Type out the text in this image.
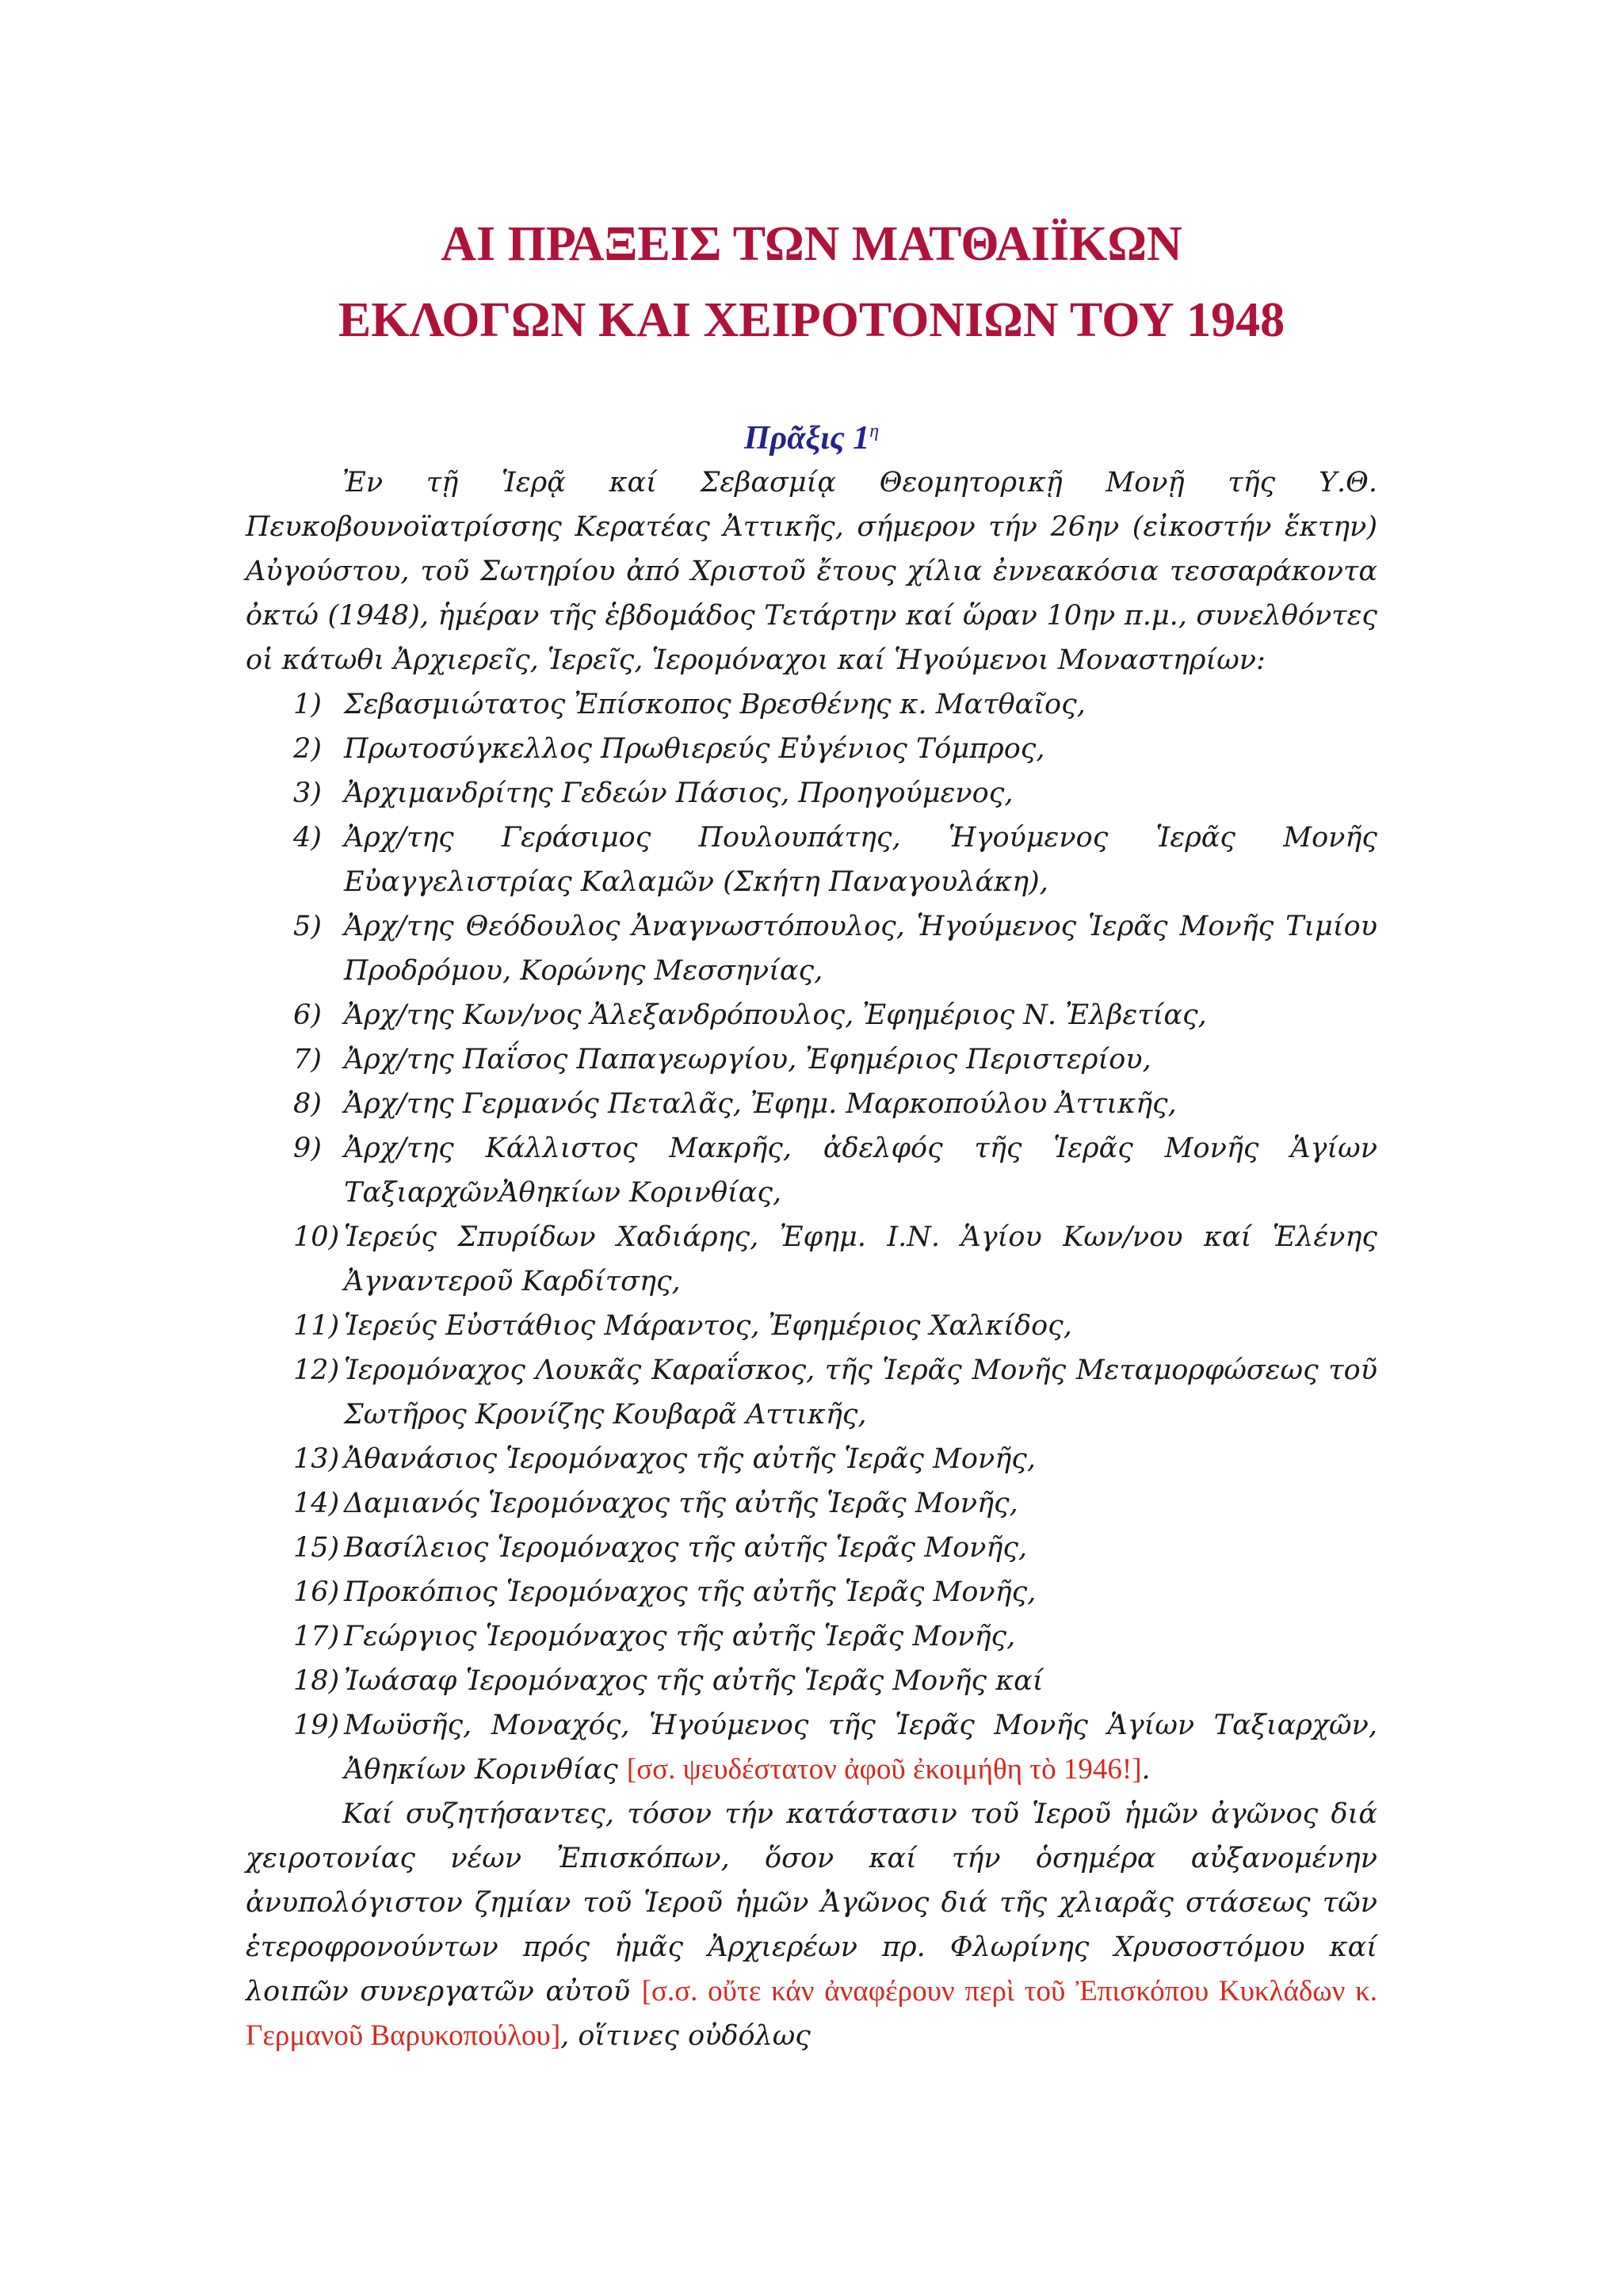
ΑΙ ΠΡΑΞΕΙΣ ΤΩΝ ΜΑΤΘΑΙΪΚΩΝ
ΕΚΛΟΓΩΝ ΚΑΙ ΧΕΙΡΟΤΟΝΙΩΝ ΤΟΥ 1948
Πρᾶξις $1^\eta$

Ἐν τῇ Ἱερᾷ καί Σεβασμίᾳ Θεομητορικῇ Μονῇ τῆς Υ.Θ. Πευκοβουνοϊατρίσσης Κερατέας Ἀττικῆς, σήμερον τήν 26ην (εἰκοστήν ἕκτην) Αὐγούστου, τοῦ Σωτηρίου ἀπό Χριστοῦ ἔτους χίλια ἐννεακόσια τεσσαράκοντα ὀκτώ (1948), ἡμέραν τῆς ἑβδομάδος Τετάρτην καί ὥραν 10ην π.μ., συνελθόντες οἱ κάτωθι Ἀρχιερεῖς, Ἱερεῖς, Ἱερομόναχοι καί Ἡγούμενοι Μοναστηρίων:

1) Σεβασμιώτατος Ἐπίσκοπος Βρεσθένης κ. Ματθαῖος,
2) Πρωτοσύγκελλος Πρωθιερεύς Εὐγένιος Τόμπρος,
3) Ἀρχιμανδρίτης Γεδεών Πάσιος, Προηγούμενος,
4) Ἀρχ/της Γεράσιμος Πουλουπάτης, Ἡγούμενος Ἱερᾶς Μονῆς Εὐαγγελιστρίας Καλαμῶν (Σκήτη Παναγουλάκη),
5) Ἀρχ/της Θεόδουλος Ἀναγνωστόπουλος, Ἡγούμενος Ἱερᾶς Μονῆς Τιμίου Προδρόμου, Κορώνης Μεσσηνίας,
6) Ἀρχ/της Κων/νος Ἀλεξανδρόπουλος, Ἐφημέριος Ν. Ἐλβετίας,
7) Ἀρχ/της Παΐσος Παπαγεωργίου, Ἐφημέριος Περιστερίου,
8) Ἀρχ/της Γερμανός Πεταλᾶς, Ἐφημ. Μαρκοπούλου Ἀττικῆς,
9) Ἀρχ/της Κάλλιστος Μακρῆς, ἀδελφός τῆς Ἱερᾶς Μονῆς Ἁγίων ΤαξιαρχῶνἈθηκίων Κορινθίας,
10) Ἱερεύς Σπυρίδων Χαδιάρης, Ἐφημ. Ι.Ν. Ἁγίου Κων/νου καί Ἑλένης Ἀγναντεροῦ Καρδίτσης,
11) Ἱερεύς Εὐστάθιος Μάραντος, Ἐφημέριος Χαλκίδος,
12) Ἱερομόναχος Λουκᾶς Καραΐσκος, τῆς Ἱερᾶς Μονῆς Μεταμορφώσεως τοῦ Σωτῆρος Κρονίζης Κουβαρᾶ Αττικῆς,
13) Ἀθανάσιος Ἱερομόναχος τῆς αὐτῆς Ἱερᾶς Μονῆς,
14) Δαμιανός Ἱερομόναχος τῆς αὐτῆς Ἱερᾶς Μονῆς,
15) Βασίλειος Ἱερομόναχος τῆς αὐτῆς Ἱερᾶς Μονῆς,
16) Προκόπιος Ἱερομόναχος τῆς αὐτῆς Ἱερᾶς Μονῆς,
17) Γεώργιος Ἱερομόναχος τῆς αὐτῆς Ἱερᾶς Μονῆς,
18) Ἰωάσαφ Ἱερομόναχος τῆς αὐτῆς Ἱερᾶς Μονῆς καί
19) Μωϋσῆς, Μοναχός, Ἡγούμενος τῆς Ἱερᾶς Μονῆς Ἁγίων Ταξιαρχῶν, Ἀθηκίων Κορινθίας [σσ. ψευδέστατον ἀφοῦ ἐκοιμήθη τὸ 1946!].

Καί συζητήσαντες, τόσον τήν κατάστασιν τοῦ Ἱεροῦ ἡμῶν ἀγῶνος διά χειροτονίας νέων Ἐπισκόπων, ὅσον καί τήν ὁσημέρα αὐξανομένην ἀνυπολόγιστον ζημίαν τοῦ Ἱεροῦ ἡμῶν Ἀγῶνος διά τῆς χλιαρᾶς στάσεως τῶν ἑτεροφρονούντων πρός ἡμᾶς Ἀρχιερέων πρ. Φλωρίνης Χρυσοστόμου καί λοιπῶν συνεργατῶν αὐτοῦ [σ.σ. οὔτε κάν ἀναφέρουν περὶ τοῦ Ἐπισκόπου Κυκλάδων κ. Γερμανοῦ Βαρυκοπούλου], οἵτινες οὐδόλως
